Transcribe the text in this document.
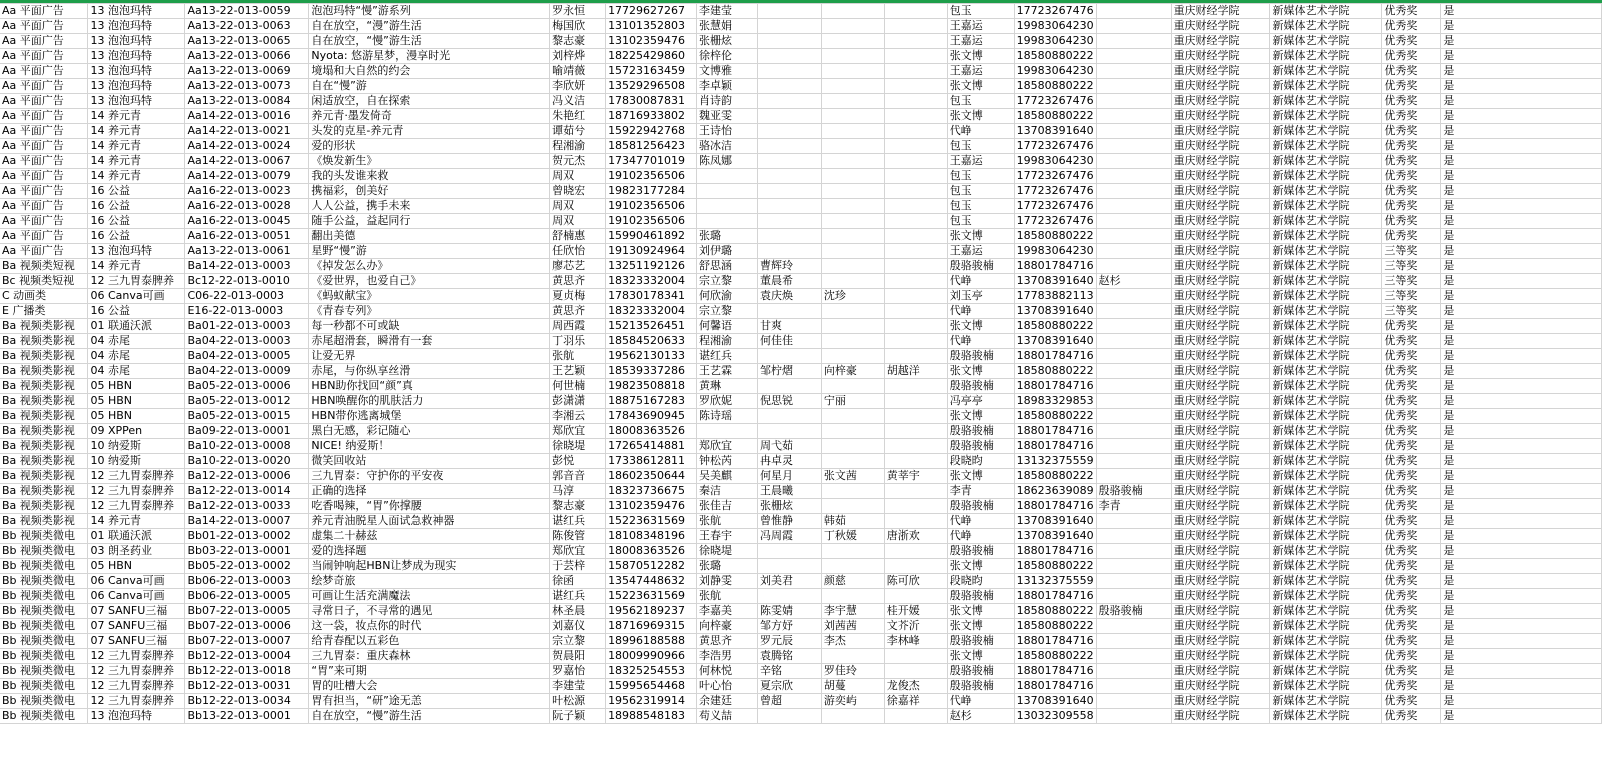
Aa 平面广告	13 泡泡玛特	Aa13-22-013-0059	泡泡玛特“慢”游系列	罗永恒	17729627267	李建莹				包玉	17723267476		重庆财经学院	新媒体艺术学院	优秀奖	是
Aa 平面广告	13 泡泡玛特	Aa13-22-013-0063	自在放空，“漫”游生活	梅国欣	13101352803	张慧娟				王嘉运	19983064230		重庆财经学院	新媒体艺术学院	优秀奖	是
Aa 平面广告	13 泡泡玛特	Aa13-22-013-0065	自在放空，“慢”游生活	黎志豪	13102359476	张栅炫				王嘉运	19983064230		重庆财经学院	新媒体艺术学院	优秀奖	是
Aa 平面广告	13 泡泡玛特	Aa13-22-013-0066	Nyota: 悠游星梦，漫享时光	刘梓烨	18225429860	徐梓伦				张文博	18580880222		重庆财经学院	新媒体艺术学院	优秀奖	是
Aa 平面广告	13 泡泡玛特	Aa13-22-013-0069	境塌和大自然的约会	喻靖薇	15723163459	文博雅				王嘉运	19983064230		重庆财经学院	新媒体艺术学院	优秀奖	是
Aa 平面广告	13 泡泡玛特	Aa13-22-013-0073	自在“慢”游	李欣妍	13529296508	李卓颖				张文博	18580880222		重庆财经学院	新媒体艺术学院	优秀奖	是
Aa 平面广告	13 泡泡玛特	Aa13-22-013-0084	闲适放空，自在探索	冯义洁	17830087831	肖诗韵				包玉	17723267476		重庆财经学院	新媒体艺术学院	优秀奖	是
Aa 平面广告	14 养元青	Aa14-22-013-0016	养元青·墨发倚奇	朱艳红	18716933802	魏亚雯				张文博	18580880222		重庆财经学院	新媒体艺术学院	优秀奖	是
Aa 平面广告	14 养元青	Aa14-22-013-0021	头发的克星-养元青	谭茹兮	15922942768	王诗怡				代峥	13708391640		重庆财经学院	新媒体艺术学院	优秀奖	是
Aa 平面广告	14 养元青	Aa14-22-013-0024	爱的形状	程湘渝	18581256423	骆冰洁				包玉	17723267476		重庆财经学院	新媒体艺术学院	优秀奖	是
Aa 平面广告	14 养元青	Aa14-22-013-0067	《焕发新生》	贺元杰	17347701019	陈凤娜				王嘉运	19983064230		重庆财经学院	新媒体艺术学院	优秀奖	是
Aa 平面广告	14 养元青	Aa14-22-013-0079	我的头发谁来救	周双	19102356506					包玉	17723267476		重庆财经学院	新媒体艺术学院	优秀奖	是
Aa 平面广告	16 公益	Aa16-22-013-0023	携福彩，创美好	曾晓宏	19823177284					包玉	17723267476		重庆财经学院	新媒体艺术学院	优秀奖	是
Aa 平面广告	16 公益	Aa16-22-013-0028	人人公益，携手未来	周双	19102356506					包玉	17723267476		重庆财经学院	新媒体艺术学院	优秀奖	是
Aa 平面广告	16 公益	Aa16-22-013-0045	随手公益，益起同行	周双	19102356506					包玉	17723267476		重庆财经学院	新媒体艺术学院	优秀奖	是
Aa 平面广告	16 公益	Aa16-22-013-0051	翻出美德	舒楠惠	15990461892	张璐				张文博	18580880222		重庆财经学院	新媒体艺术学院	优秀奖	是
Aa 平面广告	13 泡泡玛特	Aa13-22-013-0061	星野“慢”游	任欣怡	19130924964	刘伊璐				王嘉运	19983064230		重庆财经学院	新媒体艺术学院	三等奖	是
Ba 视频类短视	14 养元青	Ba14-22-013-0003	《掉发怎么办》	廖芯艺	13251192126	舒思涵	曹辉玲			殷骆骏楠	18801784716		重庆财经学院	新媒体艺术学院	三等奖	是
Bc 视频类短视	12 三九胃泰脾养	Bc12-22-013-0010	《爱世界，也爱自己》	黄思齐	18323332004	宗立黎	董晨希			代峥	13708391640	赵杉	重庆财经学院	新媒体艺术学院	三等奖	是
C 动画类	06 Canva可画	C06-22-013-0003	《蚂蚁献宝》	夏贞梅	17830178341	何欣渝	袁庆焕	沈珍		刘玉亭	17783882113		重庆财经学院	新媒体艺术学院	三等奖	是
E 广播类	16 公益	E16-22-013-0003	《青春专列》	黄思齐	18323332004	宗立黎				代峥	13708391640		重庆财经学院	新媒体艺术学院	三等奖	是
Ba 视频类影视	01 联通沃派	Ba01-22-013-0003	每一秒都不可或缺	周西霞	15213526451	何馨语	甘爽			张文博	18580880222		重庆财经学院	新媒体艺术学院	优秀奖	是
Ba 视频类影视	04 赤尾	Ba04-22-013-0003	赤尾超滑套，瞬滑有一套	丁羽乐	18584520633	程湘渝	何佳佳			代峥	13708391640		重庆财经学院	新媒体艺术学院	优秀奖	是
Ba 视频类影视	04 赤尾	Ba04-22-013-0005	让爱无界	张航	19562130133	谌红兵				殷骆骏楠	18801784716		重庆财经学院	新媒体艺术学院	优秀奖	是
Ba 视频类影视	04 赤尾	Ba04-22-013-0009	赤尾，与你纵享丝滑	王艺颖	18539337286	王艺霖	邹柠熠	向梓豪	胡越洋	张文博	18580880222		重庆财经学院	新媒体艺术学院	优秀奖	是
Ba 视频类影视	05 HBN	Ba05-22-013-0006	HBN助你找回“颜”真	何世楠	19823508818	黄琳				殷骆骏楠	18801784716		重庆财经学院	新媒体艺术学院	优秀奖	是
Ba 视频类影视	05 HBN	Ba05-22-013-0012	HBN唤醒你的肌肤活力	彭潇潇	18875167283	罗欣妮	倪思锐	宁丽		冯亭亭	18983329853		重庆财经学院	新媒体艺术学院	优秀奖	是
Ba 视频类影视	05 HBN	Ba05-22-013-0015	HBN带你逃离城堡	李湘云	17843690945	陈诗瑶				张文博	18580880222		重庆财经学院	新媒体艺术学院	优秀奖	是
Ba 视频类影视	09 XPPen	Ba09-22-013-0001	黑白无感，彩记随心	郑欣宜	18008363526					殷骆骏楠	18801784716		重庆财经学院	新媒体艺术学院	优秀奖	是
Ba 视频类影视	10 纳爱斯	Ba10-22-013-0008	NICE! 纳爱斯！	徐晓堤	17265414881	郑欣宜	周弋茹			殷骆骏楠	18801784716		重庆财经学院	新媒体艺术学院	优秀奖	是
Ba 视频类影视	10 纳爱斯	Ba10-22-013-0020	微笑回收站	彭悦	17338612811	钟松芮	冉卓灵			段晓昀	13132375559		重庆财经学院	新媒体艺术学院	优秀奖	是
Ba 视频类影视	12 三九胃泰脾养	Ba12-22-013-0006	三九胃泰：守护你的平安夜	郭音音	18602350644	吴美麒	何星月	张文茜	黄莘宇	张文博	18580880222		重庆财经学院	新媒体艺术学院	优秀奖	是
Ba 视频类影视	12 三九胃泰脾养	Ba12-22-013-0014	正确的选择	马淳	18323736675	秦洁	王晨曦			李青	18623639089	殷骆骏楠	重庆财经学院	新媒体艺术学院	优秀奖	是
Ba 视频类影视	12 三九胃泰脾养	Ba12-22-013-0033	吃香喝辣，“胃”你撑腰	黎志豪	13102359476	张佳吉	张栅炫			殷骆骏楠	18801784716	李青	重庆财经学院	新媒体艺术学院	优秀奖	是
Ba 视频类影视	14 养元青	Ba14-22-013-0007	养元青油脱星人面试急救神器	谌红兵	15223631569	张航	曾惟静	韩茹		代峥	13708391640		重庆财经学院	新媒体艺术学院	优秀奖	是
Bb 视频类微电	01 联通沃派	Bb01-22-013-0002	虚集二十赫兹	陈俊管	18108348196	王春宇	冯周霞	丁秋媛	唐浙欢	代峥	13708391640		重庆财经学院	新媒体艺术学院	优秀奖	是
Bb 视频类微电	03 朗圣药业	Bb03-22-013-0001	爱的选择题	郑欣宜	18008363526	徐晓堤				殷骆骏楠	18801784716		重庆财经学院	新媒体艺术学院	优秀奖	是
Bb 视频类微电	05 HBN	Bb05-22-013-0002	当闹钟响起HBN让梦成为现实	于芸梓	15870512282	张璐				张文博	18580880222		重庆财经学院	新媒体艺术学院	优秀奖	是
Bb 视频类微电	06 Canva可画	Bb06-22-013-0003	绘梦奇旅	徐函	13547448632	刘静雯	刘美君	颜慈	陈可欣	段晓昀	13132375559		重庆财经学院	新媒体艺术学院	优秀奖	是
Bb 视频类微电	06 Canva可画	Bb06-22-013-0005	可画让生活充满魔法	谌红兵	15223631569	张航				殷骆骏楠	18801784716		重庆财经学院	新媒体艺术学院	优秀奖	是
Bb 视频类微电	07 SANFU三福	Bb07-22-013-0005	寻常日子，不寻常的遇见	林圣晨	19562189237	李嘉美	陈雯婧	李宇慧	桂开媛	张文博	18580880222	殷骆骏楠	重庆财经学院	新媒体艺术学院	优秀奖	是
Bb 视频类微电	07 SANFU三福	Bb07-22-013-0006	这一袋，妆点你的时代	刘嘉仪	18716969315	向梓豪	邹方妤	刘茜茜	文芥沂	张文博	18580880222		重庆财经学院	新媒体艺术学院	优秀奖	是
Bb 视频类微电	07 SANFU三福	Bb07-22-013-0007	给青春配以五彩色	宗立黎	18996188588	黄思齐	罗元辰	李杰	李林峰	殷骆骏楠	18801784716		重庆财经学院	新媒体艺术学院	优秀奖	是
Bb 视频类微电	12 三九胃泰脾养	Bb12-22-013-0004	三九胃泰：重庆森林	贺晨阳	18009990966	李浩男	袁腾铭			张文博	18580880222		重庆财经学院	新媒体艺术学院	优秀奖	是
Bb 视频类微电	12 三九胃泰脾养	Bb12-22-013-0018	“胃”来可期	罗嘉怡	18325254553	何林悦	辛铭	罗佳玲		殷骆骏楠	18801784716		重庆财经学院	新媒体艺术学院	优秀奖	是
Bb 视频类微电	12 三九胃泰脾养	Bb12-22-013-0031	胃的吐槽大会	李建莹	15995654468	叶心怡	夏宗欣	胡蔓	龙俊杰	殷骆骏楠	18801784716		重庆财经学院	新媒体艺术学院	优秀奖	是
Bb 视频类微电	12 三九胃泰脾养	Bb12-22-013-0034	胃有担当，“研”途无恙	叶松源	19562319914	余建廷	曾超	游奕屿	徐嘉祥	代峥	13708391640		重庆财经学院	新媒体艺术学院	优秀奖	是
Bb 视频类微电	13 泡泡玛特	Bb13-22-013-0001	自在放空，“慢”游生活	阮子颖	18988548183	苟义喆				赵杉	13032309558		重庆财经学院	新媒体艺术学院	优秀奖	是
